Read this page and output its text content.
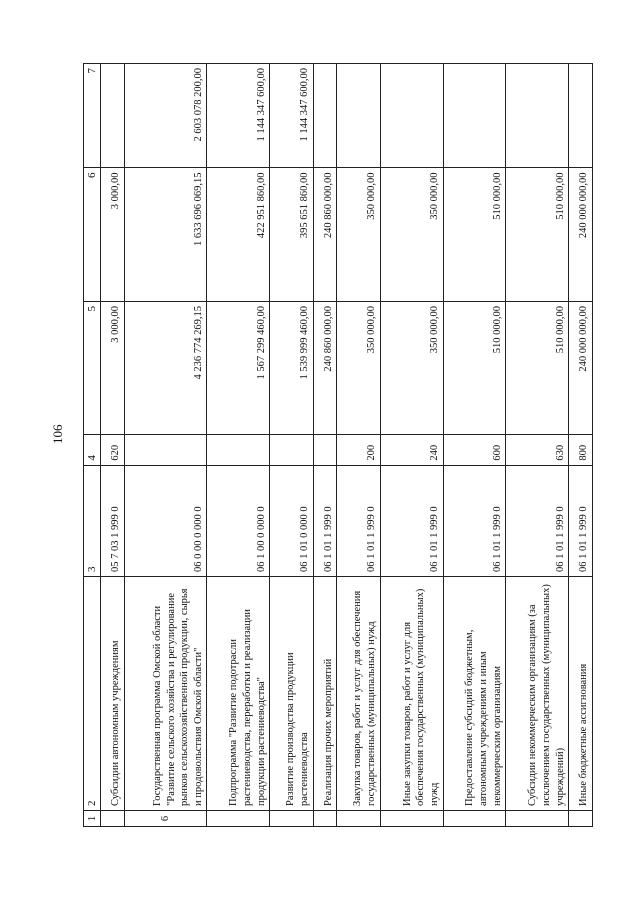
106
1	2	3	4	5	6	7
	Субсидии автономным учреждениям	05 7 03 1 999 0	620	3 000,00	3 000,00	
6	Государственная программа Омской области "Развитие сельского хозяйства и регулирование рынков сельскохозяйственной продукции, сырья и продовольствия Омской области"	06 0 00 0 000 0		4 236 774 269,15	1 633 696 069,15	2 603 078 200,00
	Подпрограмма "Развитие подотрасли растениеводства, переработки и реализации продукции растениеводства"	06 1 00 0 000 0		1 567 299 460,00	422 951 860,00	1 144 347 600,00
	Развитие производства продукции растениеводства	06 1 01 0 000 0		1 539 999 460,00	395 651 860,00	1 144 347 600,00
	Реализация прочих мероприятий	06 1 01 1 999 0		240 860 000,00	240 860 000,00	
	Закупка товаров, работ и услуг для обеспечения государственных (муниципальных) нужд	06 1 01 1 999 0	200	350 000,00	350 000,00	
	Иные закупки товаров, работ и услуг для обеспечения государственных (муниципальных) нужд	06 1 01 1 999 0	240	350 000,00	350 000,00	
	Предоставление субсидий бюджетным, автономным учреждениям и иным некоммерческим организациям	06 1 01 1 999 0	600	510 000,00	510 000,00	
	Субсидии некоммерческим организациям (за исключением государственных (муниципальных) учреждений)	06 1 01 1 999 0	630	510 000,00	510 000,00	
	Иные бюджетные ассигнования	06 1 01 1 999 0	800	240 000 000,00	240 000 000,00	
